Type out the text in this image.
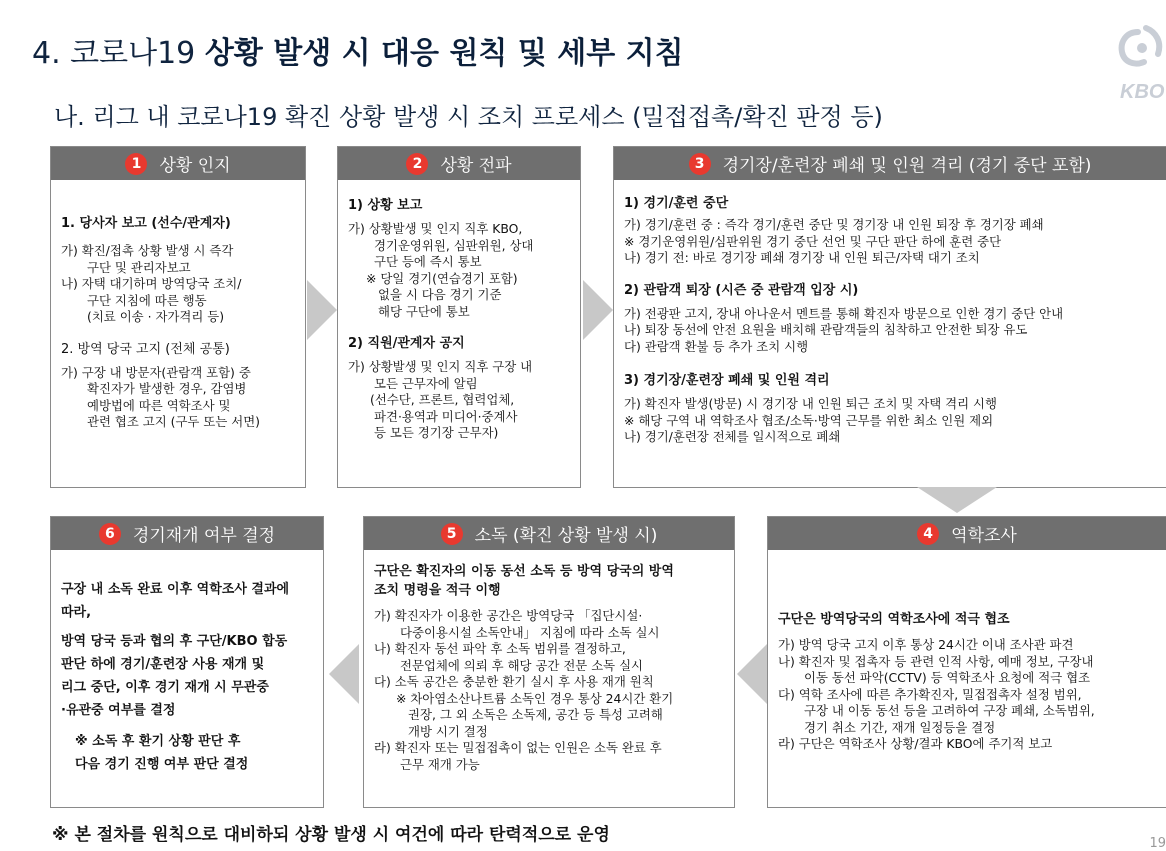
4. 코로나19 상황 발생 시 대응 원칙 및 세부 지침
나. 리그 내 코로나19 확진 상황 발생 시 조치 프로세스 (밀접접촉/확진 판정 등)
KBO
1	상황 인지
1. 당사자 보고 (선수/관계자)
가) 확진/접촉 상황 발생 시 즉각
구단 및 관리자보고
나) 자택 대기하며 방역당국 조치/
구단 지침에 따른 행동
(치료 이송 · 자가격리 등)
2. 방역 당국 고지 (전체 공통)
가) 구장 내 방문자(관람객 포함) 중
확진자가 발생한 경우, 감염병
예방법에 따른 역학조사 및
관련 협조 고지 (구두 또는 서면)
2	상황 전파
1) 상황 보고
가) 상황발생 및 인지 직후 KBO,
경기운영위원, 심판위원, 상대
구단 등에 즉시 통보
※ 당일 경기(연습경기 포함)
없을 시 다음 경기 기준
해당 구단에 통보
2) 직원/관계자 공지
가) 상황발생 및 인지 직후 구장 내
모든 근무자에 알림
(선수단, 프론트, 협력업체,
파견·용역과 미디어·중계사
등 모든 경기장 근무자)
3	경기장/훈련장 폐쇄 및 인원 격리 (경기 중단 포함)
1) 경기/훈련 중단
가) 경기/훈련 중 : 즉각 경기/훈련 중단 및 경기장 내 인원 퇴장 후 경기장 폐쇄
※ 경기운영위원/심판위원 경기 중단 선언 및 구단 판단 하에 훈련 중단
나) 경기 전: 바로 경기장 폐쇄 경기장 내 인원 퇴근/자택 대기 조치
2) 관람객 퇴장 (시즌 중 관람객 입장 시)
가) 전광판 고지, 장내 아나운서 멘트를 통해 확진자 방문으로 인한 경기 중단 안내
나) 퇴장 동선에 안전 요원을 배치해 관람객들의 침착하고 안전한 퇴장 유도
다) 관람객 환불 등 추가 조치 시행
3) 경기장/훈련장 폐쇄 및 인원 격리
가) 확진자 발생(방문) 시 경기장 내 인원 퇴근 조치 및 자택 격리 시행
※ 해당 구역 내 역학조사 협조/소독·방역 근무를 위한 최소 인원 제외
나) 경기/훈련장 전체를 일시적으로 폐쇄
6	경기재개 여부 결정
구장 내 소독 완료 이후 역학조사 결과에
따라,
방역 당국 등과 협의 후 구단/KBO 합동
판단 하에 경기/훈련장 사용 재개 및
리그 중단, 이후 경기 재개 시 무관중
·유관중 여부를 결정
※ 소독 후 환기 상황 판단 후
다음 경기 진행 여부 판단 결정
5	소독 (확진 상황 발생 시)
구단은 확진자의 이동 동선 소독 등 방역 당국의 방역
조치 명령을 적극 이행
가) 확진자가 이용한 공간은 방역당국 「집단시설·
다중이용시설 소독안내」 지침에 따라 소독 실시
나) 확진자 동선 파악 후 소독 범위를 결정하고,
전문업체에 의뢰 후 해당 공간 전문 소독 실시
다) 소독 공간은 충분한 환기 실시 후 사용 재개 원칙
※ 차아염소산나트륨 소독인 경우 통상 24시간 환기
권장, 그 외 소독은 소독제, 공간 등 특성 고려해
개방 시기 결정
라) 확진자 또는 밀접접촉이 없는 인원은 소독 완료 후
근무 재개 가능
4	역학조사
구단은 방역당국의 역학조사에 적극 협조
가) 방역 당국 고지 이후 통상 24시간 이내 조사관 파견
나) 확진자 및 접촉자 등 관련 인적 사항, 예매 정보, 구장내
이동 동선 파악(CCTV) 등 역학조사 요청에 적극 협조
다) 역학 조사에 따른 추가확진자, 밀접접촉자 설정 범위,
구장 내 이동 동선 등을 고려하여 구장 폐쇄, 소독범위,
경기 취소 기간, 재개 일정등을 결정
라) 구단은 역학조사 상황/결과 KBO에 주기적 보고
※ 본 절차를 원칙으로 대비하되 상황 발생 시 여건에 따라 탄력적으로 운영	19
